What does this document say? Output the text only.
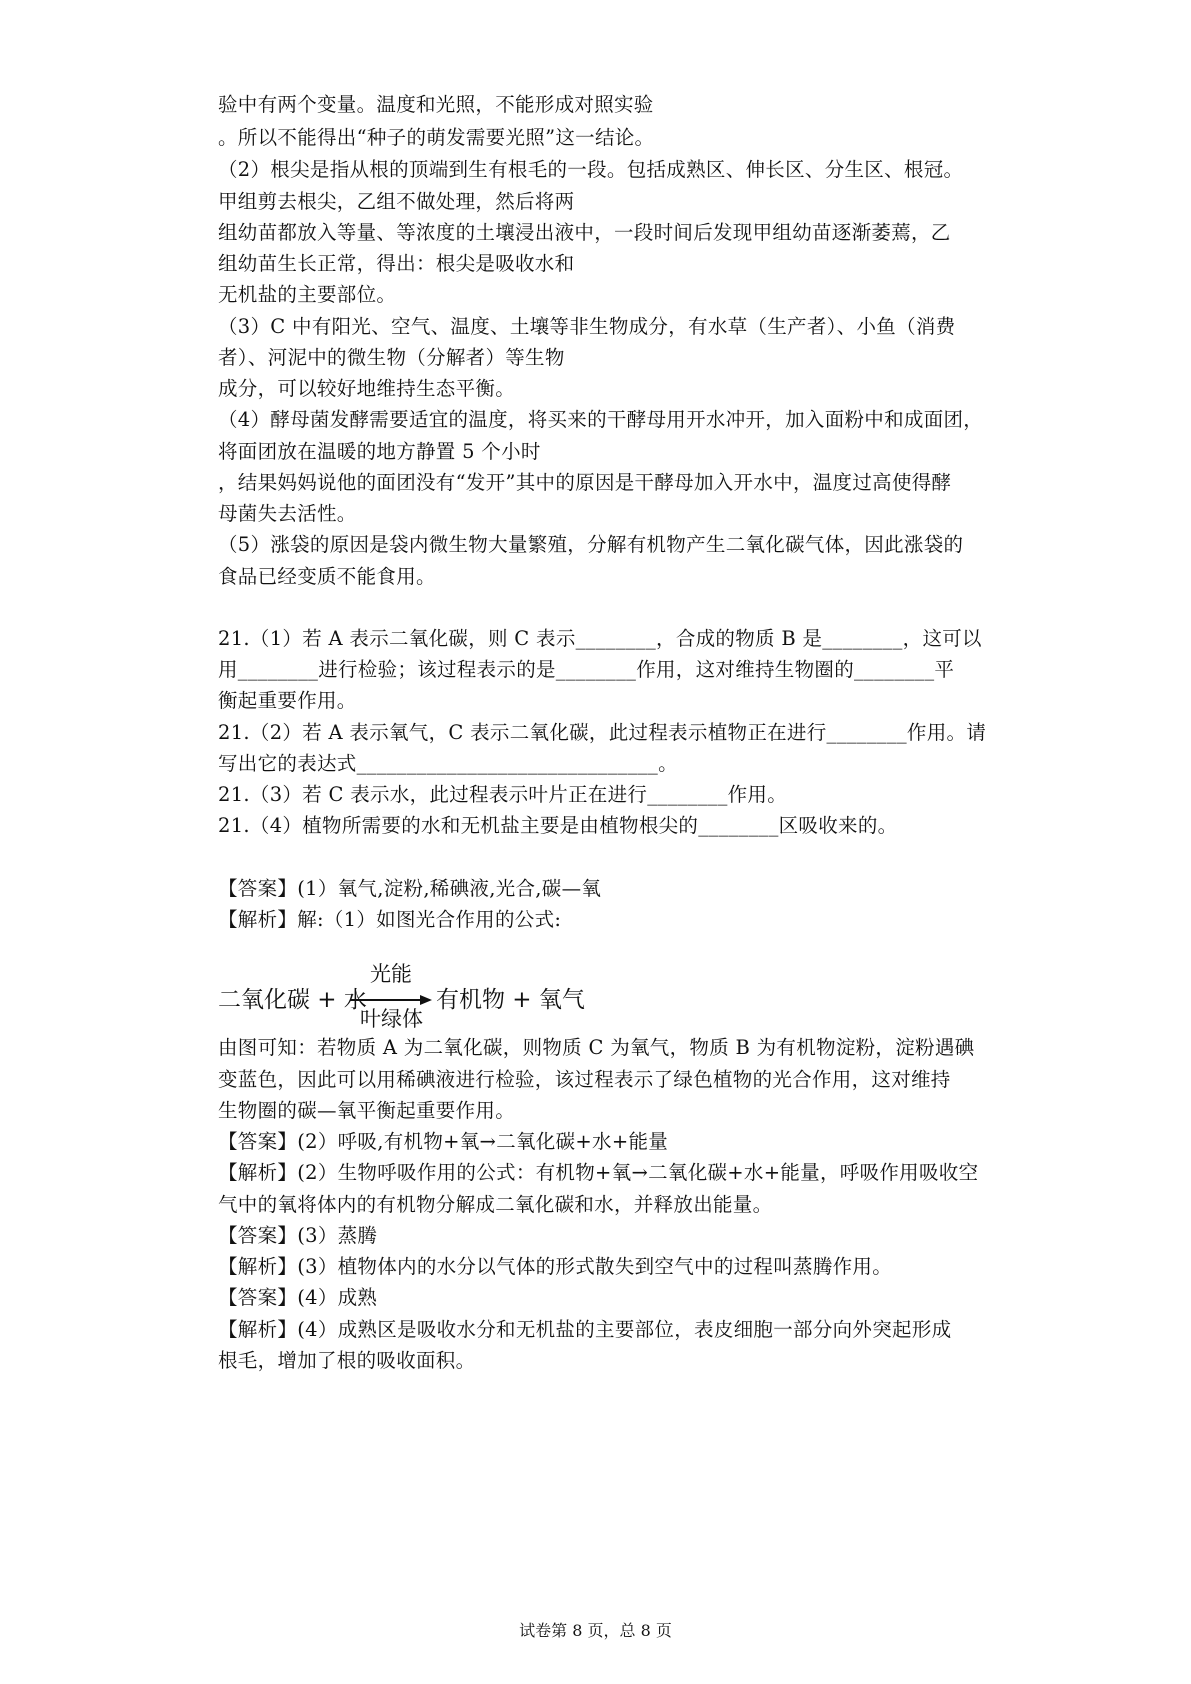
验中有两个变量。温度和光照，不能形成对照实验
。所以不能得出“种子的萌发需要光照”这一结论。
（2）根尖是指从根的顶端到生有根毛的一段。包括成熟区、伸长区、分生区、根冠。
甲组剪去根尖，乙组不做处理，然后将两
组幼苗都放入等量、等浓度的土壤浸出液中，一段时间后发现甲组幼苗逐渐萎蔫，乙
组幼苗生长正常，得出：根尖是吸收水和
无机盐的主要部位。
（3）C 中有阳光、空气、温度、土壤等非生物成分，有水草（生产者）、小鱼（消费
者）、河泥中的微生物（分解者）等生物
成分，可以较好地维持生态平衡。
（4）酵母菌发酵需要适宜的温度，将买来的干酵母用开水冲开，加入面粉中和成面团，
将面团放在温暖的地方静置 5 个小时
，结果妈妈说他的面团没有“发开”其中的原因是干酵母加入开水中，温度过高使得酵
母菌失去活性。
（5）涨袋的原因是袋内微生物大量繁殖，分解有机物产生二氧化碳气体，因此涨袋的
食品已经变质不能食用。
21.（1）若 A 表示二氧化碳，则 C 表示________，合成的物质 B 是________，这可以
用________进行检验；该过程表示的是________作用，这对维持生物圈的________平
衡起重要作用。
21.（2）若 A 表示氧气，C 表示二氧化碳，此过程表示植物正在进行________作用。请
写出它的表达式______________________________。
21.（3）若 C 表示水，此过程表示叶片正在进行________作用。
21.（4）植物所需要的水和无机盐主要是由植物根尖的________区吸收来的。
【答案】(1）氧气,淀粉,稀碘液,光合,碳—氧
【解析】解:（1）如图光合作用的公式:
二氧化碳 + 水
光能
叶绿体
有机物 + 氧气
由图可知：若物质 A 为二氧化碳，则物质 C 为氧气，物质 B 为有机物淀粉，淀粉遇碘
变蓝色，因此可以用稀碘液进行检验，该过程表示了绿色植物的光合作用，这对维持
生物圈的碳—氧平衡起重要作用。
【答案】(2）呼吸,有机物+氧→二氧化碳+水+能量
【解析】(2）生物呼吸作用的公式：有机物+氧→二氧化碳+水+能量，呼吸作用吸收空
气中的氧将体内的有机物分解成二氧化碳和水，并释放出能量。
【答案】(3）蒸腾
【解析】(3）植物体内的水分以气体的形式散失到空气中的过程叫蒸腾作用。
【答案】(4）成熟
【解析】(4）成熟区是吸收水分和无机盐的主要部位，表皮细胞一部分向外突起形成
根毛，增加了根的吸收面积。
试卷第 8 页，总 8 页
